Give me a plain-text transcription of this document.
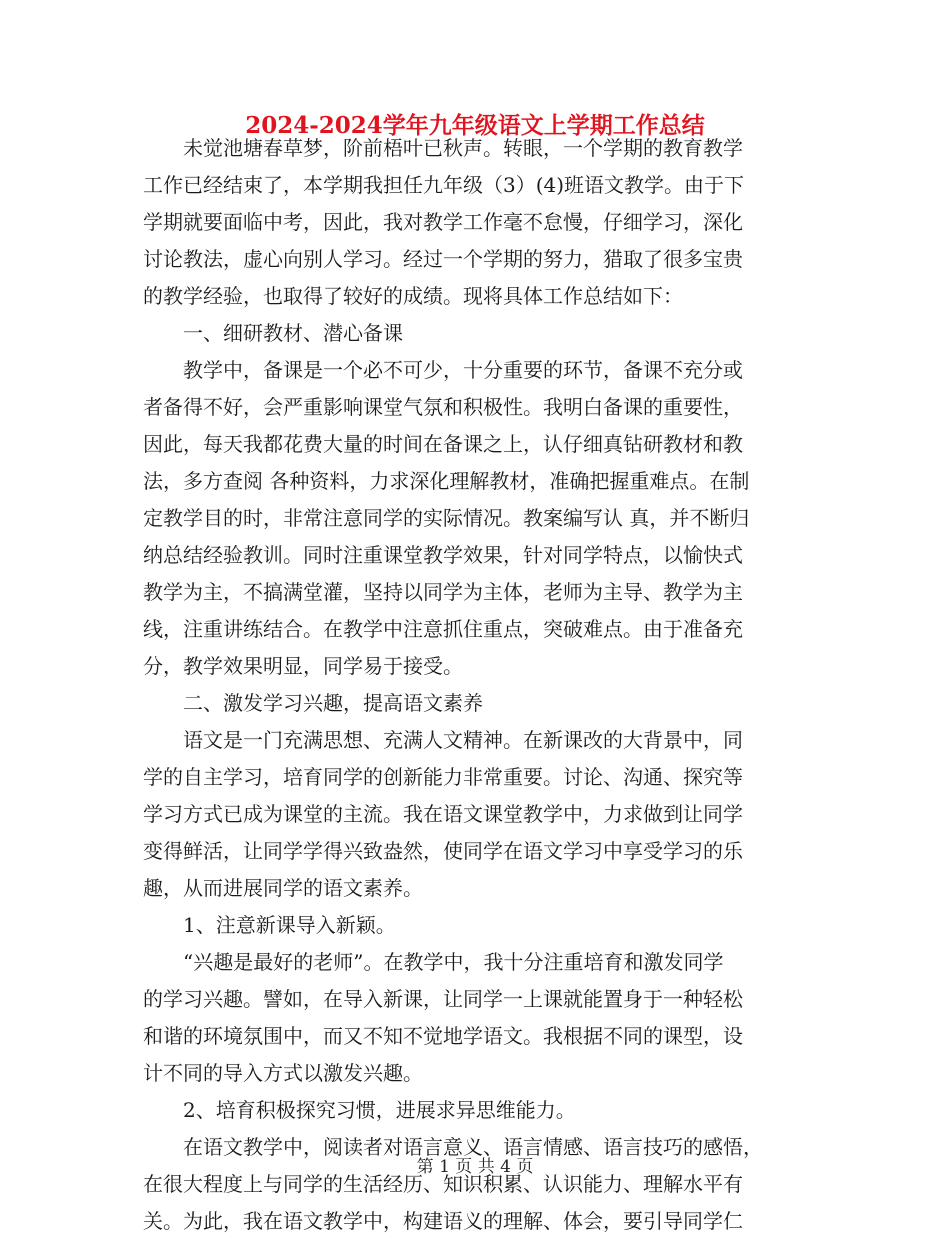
　　未觉池塘春草梦，阶前梧叶已秋声。转眼，一个学期的教育教学
工作已经结束了，本学期我担任九年级（3）(4)班语文教学。由于下
学期就要面临中考，因此，我对教学工作毫不怠慢，仔细学习，深化
讨论教法，虚心向别人学习。经过一个学期的努力，猎取了很多宝贵
的教学经验，也取得了较好的成绩。现将具体工作总结如下：
　　一、细研教材、潜心备课
　　教学中，备课是一个必不可少，十分重要的环节，备课不充分或
者备得不好，会严重影响课堂气氛和积极性。我明白备课的重要性，
因此，每天我都花费大量的时间在备课之上，认仔细真钻研教材和教
法，多方查阅 各种资料，力求深化理解教材，准确把握重难点。在制
定教学目的时，非常注意同学的实际情况。教案编写认 真，并不断归
纳总结经验教训。同时注重课堂教学效果，针对同学特点，以愉快式
教学为主，不搞满堂灌，坚持以同学为主体，老师为主导、教学为主
线，注重讲练结合。在教学中注意抓住重点，突破难点。由于准备充
分，教学效果明显，同学易于接受。
　　二、激发学习兴趣，提高语文素养
　　语文是一门充满思想、充满人文精神。在新课改的大背景中，同
学的自主学习，培育同学的创新能力非常重要。讨论、沟通、探究等
学习方式已成为课堂的主流。我在语文课堂教学中，力求做到让同学
变得鲜活，让同学学得兴致盎然，使同学在语文学习中享受学习的乐
趣，从而进展同学的语文素养。
　　1、注意新课导入新颖。
　　“兴趣是最好的老师”。在教学中，我十分注重培育和激发同学
的学习兴趣。譬如，在导入新课，让同学一上课就能置身于一种轻松
和谐的环境氛围中，而又不知不觉地学语文。我根据不同的课型，设
计不同的导入方式以激发兴趣。
　　2、培育积极探究习惯，进展求异思维能力。
　　在语文教学中，阅读者对语言意义、语言情感、语言技巧的感悟，
在很大程度上与同学的生活经历、知识积累、认识能力、理解水平有
关。为此，我在语文教学中，构建语义的理解、体会，要引导同学仁
2024-2024学年九年级语文上学期工作总结
第 1 页 共 4 页
